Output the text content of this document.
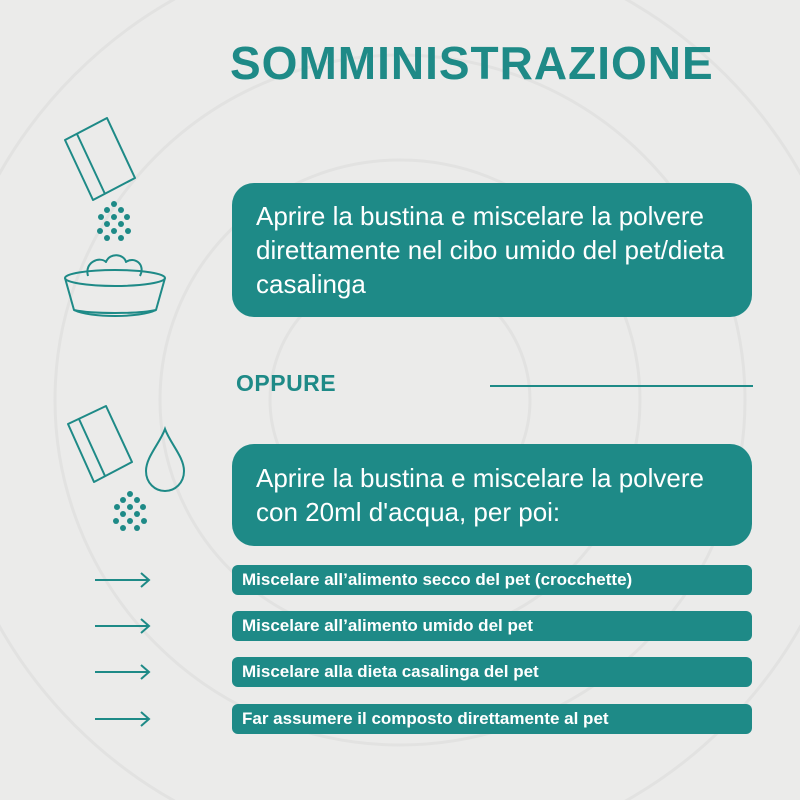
SOMMINISTRAZIONE

Aprire la bustina e miscelare la polvere direttamente nel cibo umido del pet/dieta casalinga

OPPURE

Aprire la bustina e miscelare la polvere con 20ml d'acqua, per poi:

Miscelare all’alimento secco del pet (crocchette)
Miscelare all’alimento umido del pet
Miscelare alla dieta casalinga del pet
Far assumere il composto direttamente al pet
